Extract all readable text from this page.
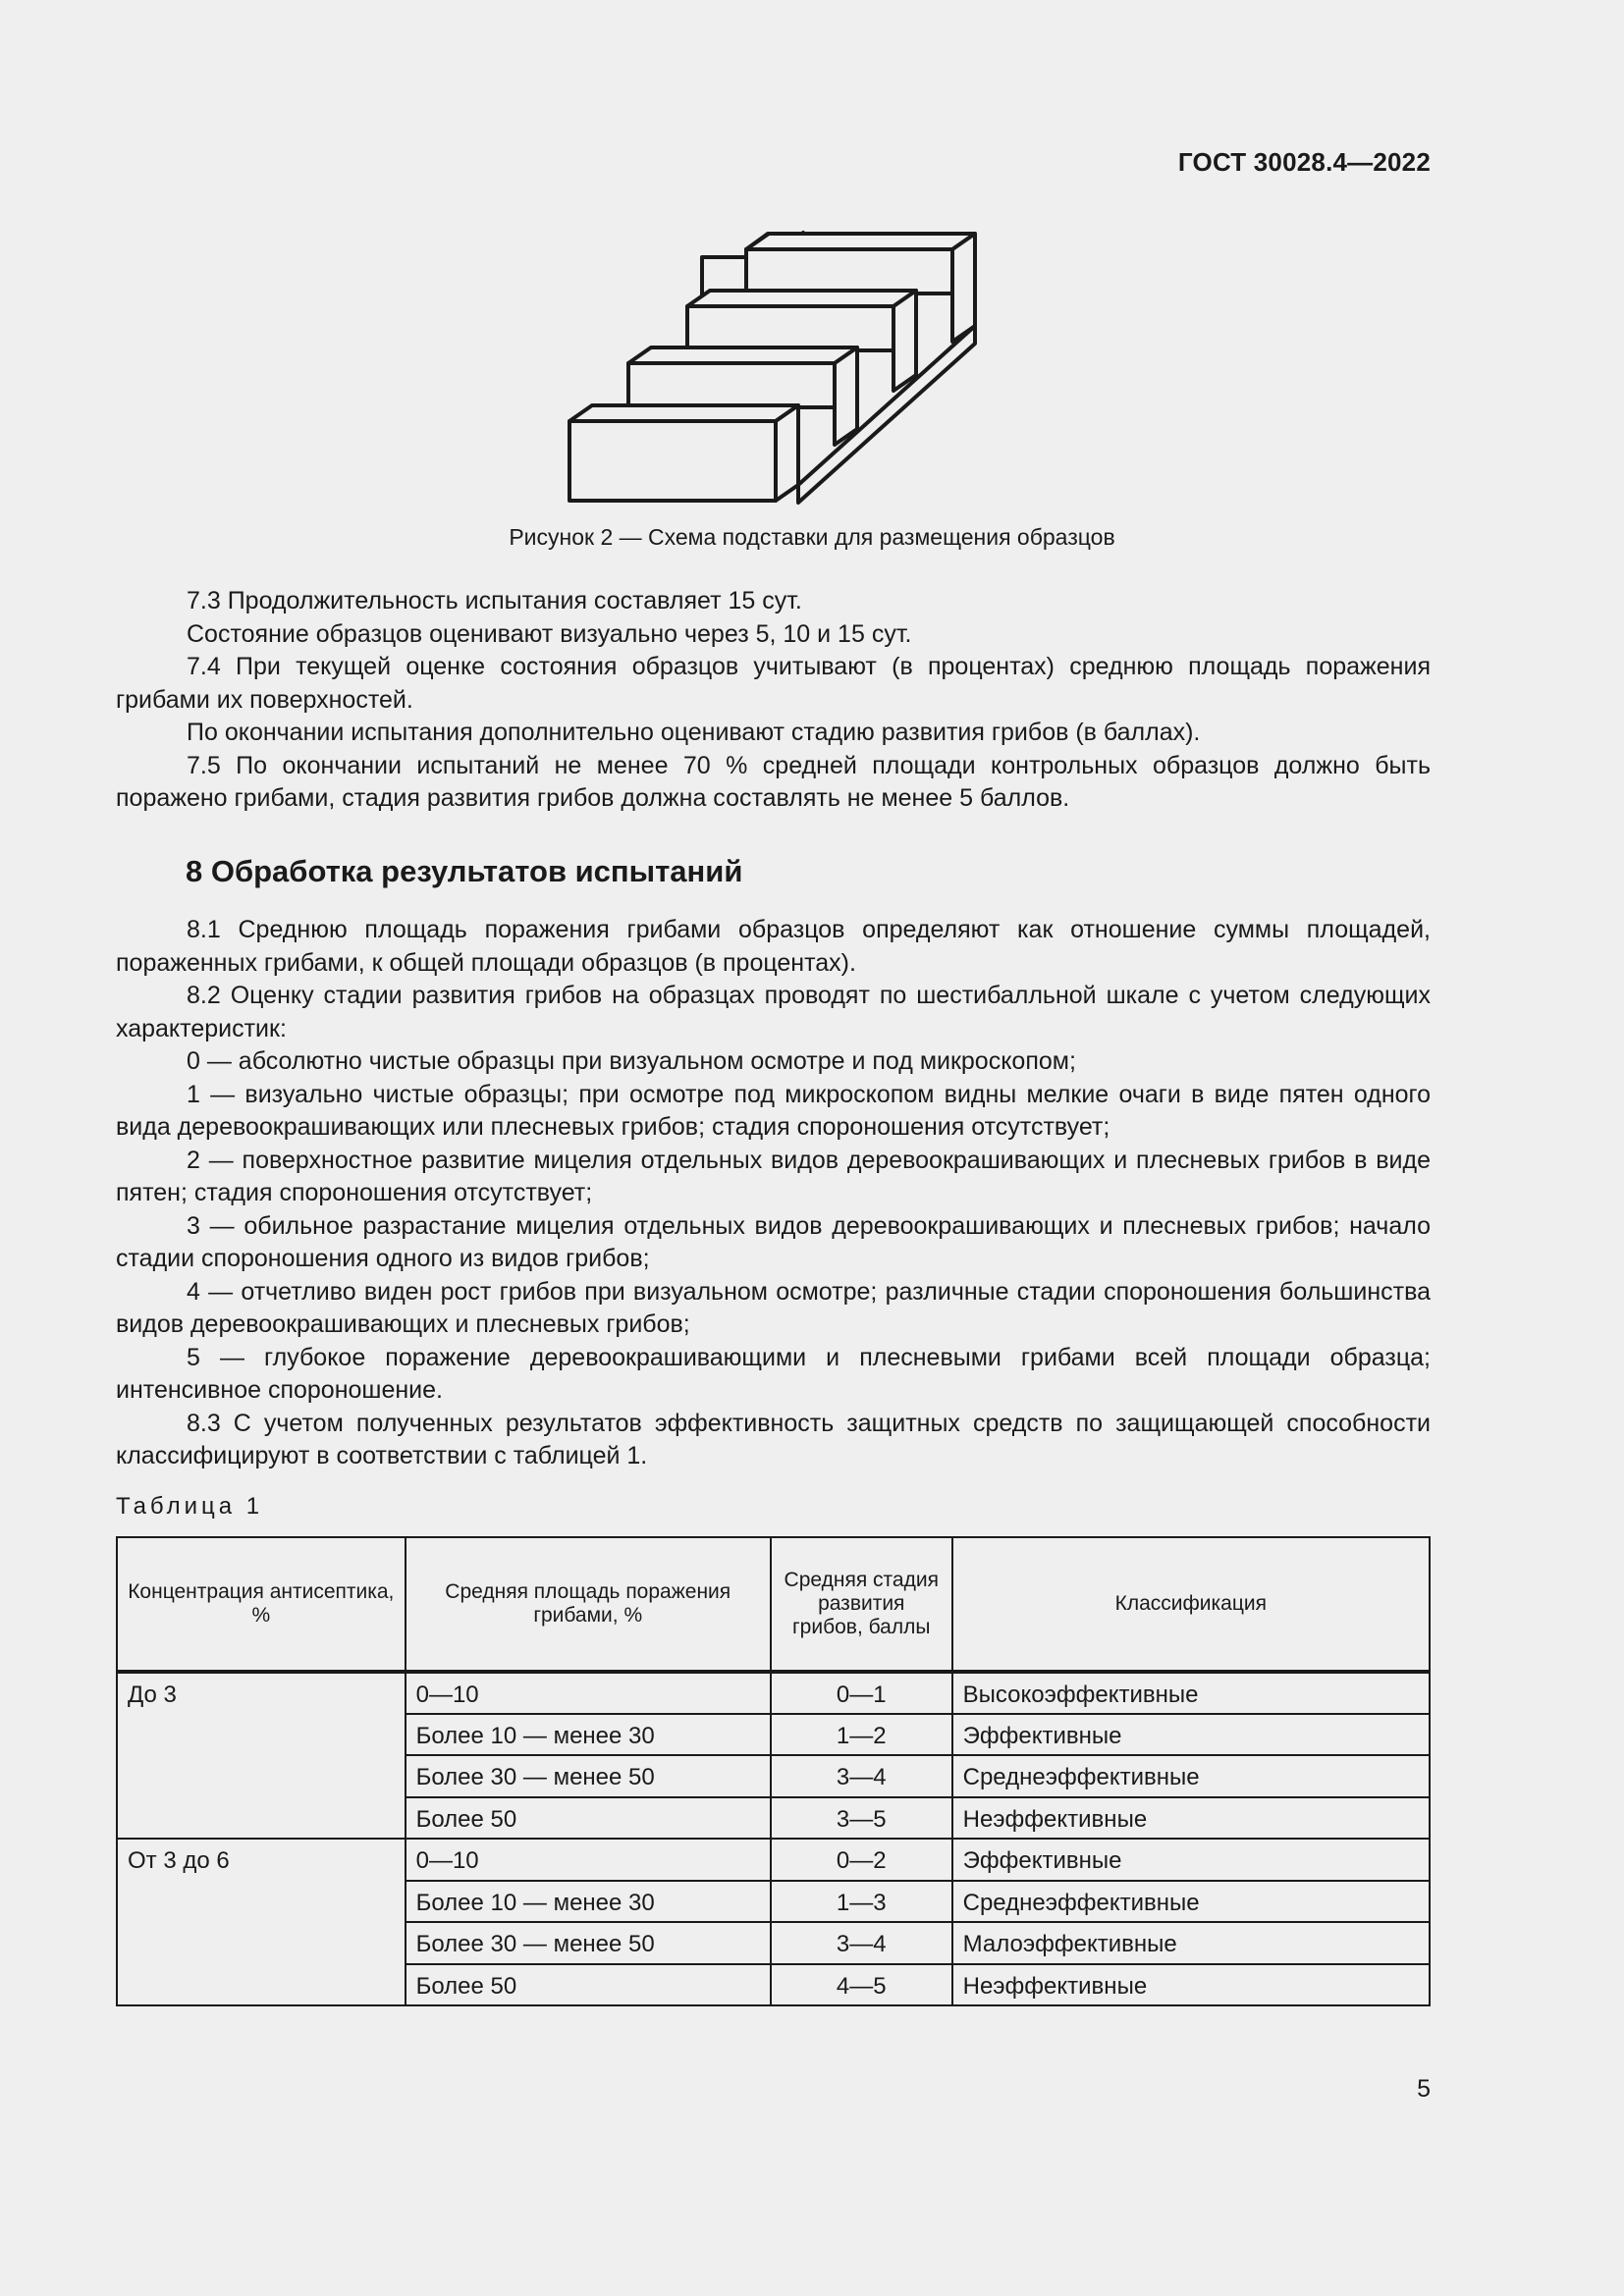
ГОСТ 30028.4—2022
Рисунок 2 — Схема подставки для размещения образцов

7.3 Продолжительность испытания составляет 15 сут.

Состояние образцов оценивают визуально через 5, 10 и 15 сут.

7.4 При текущей оценке состояния образцов учитывают (в процентах) среднюю площадь поражения грибами их поверхностей.

По окончании испытания дополнительно оценивают стадию развития грибов (в баллах).

7.5 По окончании испытаний не менее 70 % средней площади контрольных образцов должно быть поражено грибами, стадия развития грибов должна составлять не менее 5 баллов.

8 Обработка результатов испытаний

8.1 Среднюю площадь поражения грибами образцов определяют как отношение суммы площадей, пораженных грибами, к общей площади образцов (в процентах).

8.2 Оценку стадии развития грибов на образцах проводят по шестибалльной шкале с учетом следующих характеристик:

0 — абсолютно чистые образцы при визуальном осмотре и под микроскопом;

1 — визуально чистые образцы; при осмотре под микроскопом видны мелкие очаги в виде пятен одного вида деревоокрашивающих или плесневых грибов; стадия спороношения отсутствует;

2 — поверхностное развитие мицелия отдельных видов деревоокрашивающих и плесневых грибов в виде пятен; стадия спороношения отсутствует;

3 — обильное разрастание мицелия отдельных видов деревоокрашивающих и плесневых грибов; начало стадии спороношения одного из видов грибов;

4 — отчетливо виден рост грибов при визуальном осмотре; различные стадии спороношения большинства видов деревоокрашивающих и плесневых грибов;

5 — глубокое поражение деревоокрашивающими и плесневыми грибами всей площади образца; интенсивное спороношение.

8.3 С учетом полученных результатов эффективность защитных средств по защищающей способности классифицируют в соответствии с таблицей 1.

Таблица 1
Концентрация антисептика, %	Средняя площадь поражения грибами, %	Средняя стадия развития грибов, баллы	Классификация
До 3	0—10	0—1	Высокоэффективные
	Более 10 — менее 30	1—2	Эффективные
	Более 30 — менее 50	3—4	Среднеэффективные
	Более 50	3—5	Неэффективные
От 3 до 6	0—10	0—2	Эффективные
	Более 10 — менее 30	1—3	Среднеэффективные
	Более 30 — менее 50	3—4	Малоэффективные
	Более 50	4—5	Неэффективные
5
